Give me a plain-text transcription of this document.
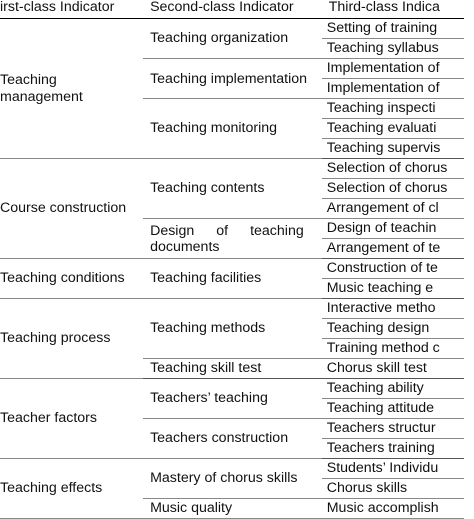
irst-class Indicator	Second-class Indicator	Third-class Indica
Teaching management	Teaching organization	Setting of training
		Teaching syllabus
	Teaching implementation	Implementation of
		Implementation of
	Teaching monitoring	Teaching inspecti
		Teaching evaluati
		Teaching supervis
Course construction	Teaching contents	Selection of chorus
		Selection of chorus
		Arrangement of cl

	Design of teaching documents	Design of teachin
		Arrangement of te
Teaching conditions	Teaching facilities	Construction of te
		Music teaching e
Teaching process	Teaching methods	Interactive metho
		Teaching design
		Training method c
	Teaching skill test	Chorus skill test
Teacher factors	Teachers’ teaching	Teaching ability
		Teaching attitude
	Teachers construction	Teachers structur
		Teachers training
Teaching effects	Mastery of chorus skills	Students’ Individu
		Chorus skills
	Music quality	Music accomplish
